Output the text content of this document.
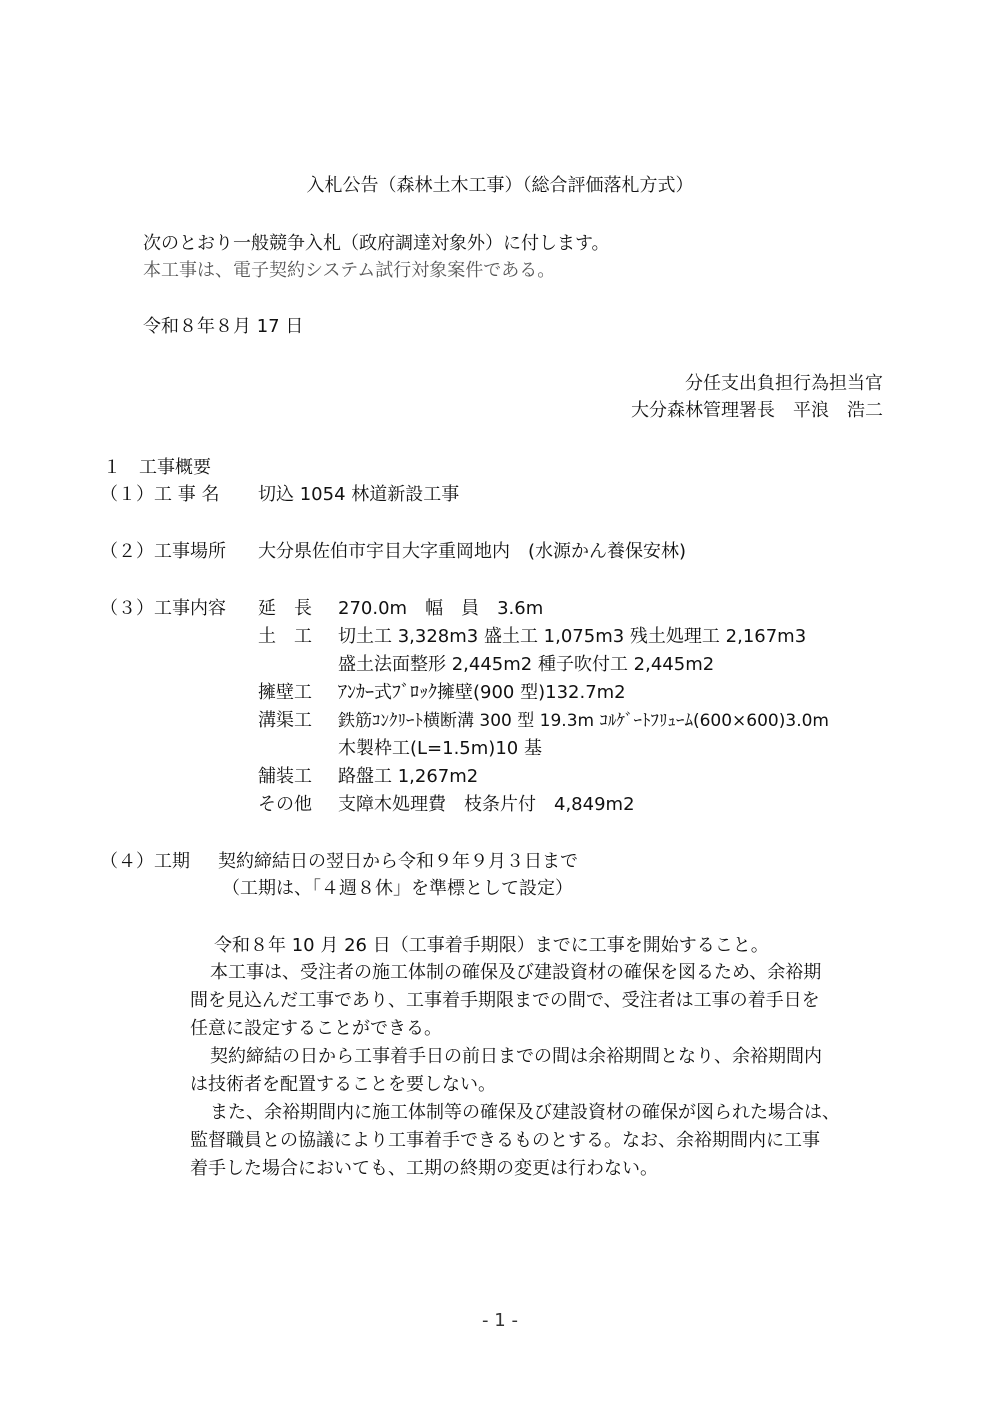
入札公告（森林土木工事）（総合評価落札方式）
次のとおり一般競争入札（政府調達対象外）に付します。
本工事は、電子契約システム試行対象案件である。
令和８年８月 17 日
分任支出負担行為担当官
大分森林管理署長　平浪　浩二
１　工事概要
（１）工 事 名 切込 1054 林道新設工事
（２）工事場所 大分県佐伯市宇目大字重岡地内　(水源かん養保安林)
（３）工事内容 延　長 270.0m　幅　員　3.6m
土　工 切土工 3,328m3 盛土工 1,075m3 残土処理工 2,167m3
盛土法面整形 2,445m2 種子吹付工 2,445m2
擁壁工 ｱﾝｶｰ式ﾌﾞﾛｯｸ擁壁(900 型)132.7m2
溝渠工 鉄筋ｺﾝｸﾘｰﾄ横断溝 300 型 19.3m ｺﾙｹﾞｰﾄﾌﾘｭｰﾑ(600×600)3.0m
木製枠工(L=1.5m)10 基
舗装工 路盤工 1,267m2
その他 支障木処理費　枝条片付　4,849m2
（４）工期 契約締結日の翌日から令和９年９月３日まで
（工期は、「４週８休」を準標として設定）
令和８年 10 月 26 日（工事着手期限）までに工事を開始すること。
本工事は、受注者の施工体制の確保及び建設資材の確保を図るため、余裕期
間を見込んだ工事であり、工事着手期限までの間で、受注者は工事の着手日を
任意に設定することができる。
契約締結の日から工事着手日の前日までの間は余裕期間となり、余裕期間内
は技術者を配置することを要しない。
また、余裕期間内に施工体制等の確保及び建設資材の確保が図られた場合は、
監督職員との協議により工事着手できるものとする。なお、余裕期間内に工事
着手した場合においても、工期の終期の変更は行わない。
- 1 -
